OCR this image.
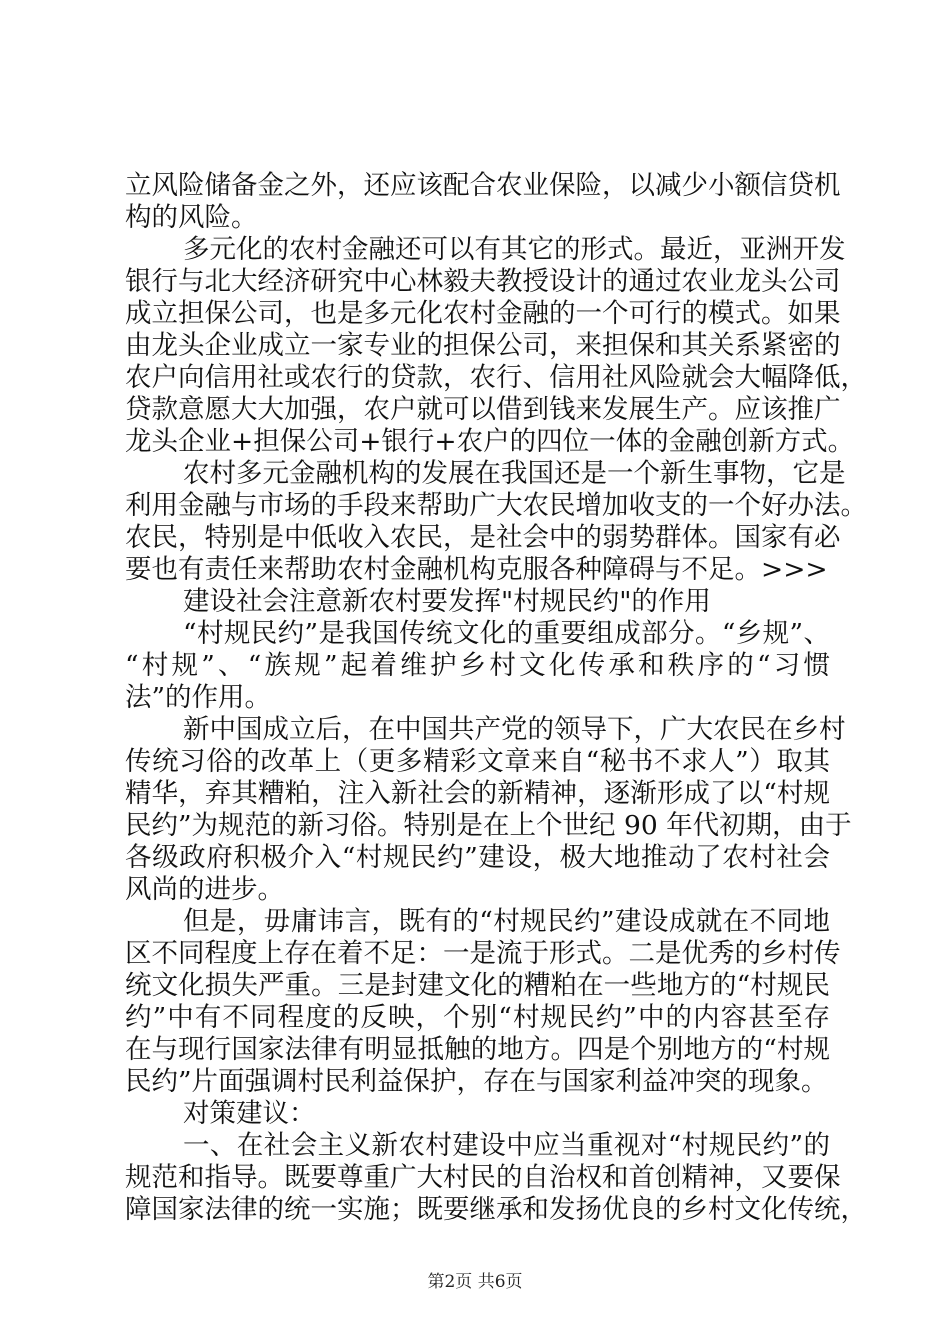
立风险储备金之外，还应该配合农业保险，以减少小额信贷机
构的风险。
多元化的农村金融还可以有其它的形式。最近，亚洲开发
银行与北大经济研究中心林毅夫教授设计的通过农业龙头公司
成立担保公司，也是多元化农村金融的一个可行的模式。如果
由龙头企业成立一家专业的担保公司，来担保和其关系紧密的
农户向信用社或农行的贷款，农行、信用社风险就会大幅降低，
贷款意愿大大加强，农户就可以借到钱来发展生产。应该推广
龙头企业+担保公司+银行+农户的四位一体的金融创新方式。
农村多元金融机构的发展在我国还是一个新生事物，它是
利用金融与市场的手段来帮助广大农民增加收支的一个好办法。
农民，特别是中低收入农民，是社会中的弱势群体。国家有必
要也有责任来帮助农村金融机构克服各种障碍与不足。>>>
建设社会注意新农村要发挥"村规民约"的作用
“村规民约”是我国传统文化的重要组成部分。“乡规”、
“村规”、“族规”起着维护乡村文化传承和秩序的“习惯
法”的作用。
新中国成立后，在中国共产党的领导下，广大农民在乡村
传统习俗的改革上（更多精彩文章来自“秘书不求人”）取其
精华，弃其糟粕，注入新社会的新精神，逐渐形成了以“村规
民约”为规范的新习俗。特别是在上个世纪 90 年代初期，由于
各级政府积极介入“村规民约”建设，极大地推动了农村社会
风尚的进步。
但是，毋庸讳言，既有的“村规民约”建设成就在不同地
区不同程度上存在着不足：一是流于形式。二是优秀的乡村传
统文化损失严重。三是封建文化的糟粕在一些地方的“村规民
约”中有不同程度的反映，个别“村规民约”中的内容甚至存
在与现行国家法律有明显抵触的地方。四是个别地方的“村规
民约”片面强调村民利益保护，存在与国家利益冲突的现象。
对策建议：
一、在社会主义新农村建设中应当重视对“村规民约”的
规范和指导。既要尊重广大村民的自治权和首创精神，又要保
障国家法律的统一实施；既要继承和发扬优良的乡村文化传统，
第2页 共6页
